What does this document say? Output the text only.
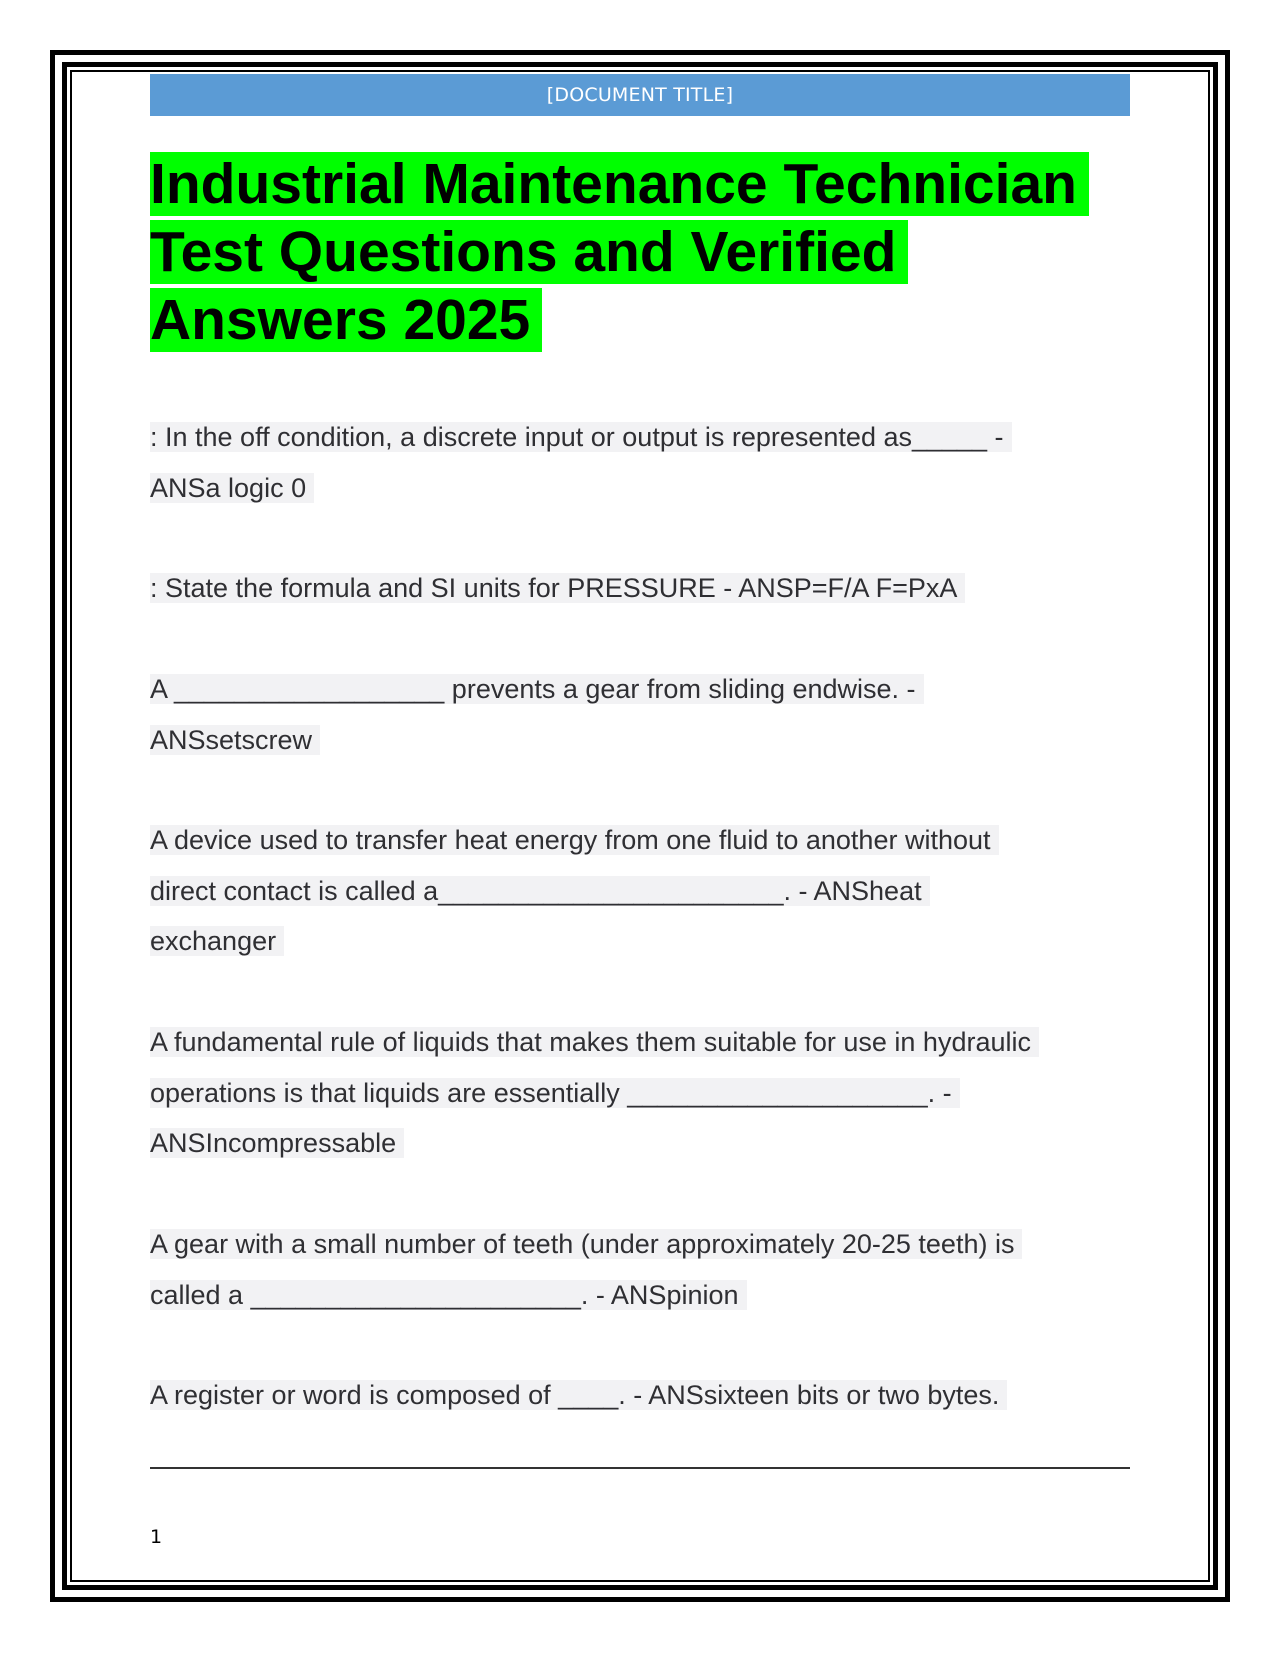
[DOCUMENT TITLE]
Industrial Maintenance Technician
Test Questions and Verified
Answers 2025
: In the off condition, a discrete input or output is represented as_____ -
ANSa logic 0
: State the formula and SI units for PRESSURE - ANSP=F/A F=PxA
A __________________ prevents a gear from sliding endwise. -
ANSsetscrew
A device used to transfer heat energy from one fluid to another without
direct contact is called a_______________________. - ANSheat
exchanger
A fundamental rule of liquids that makes them suitable for use in hydraulic
operations is that liquids are essentially ____________________. -
ANSIncompressable
A gear with a small number of teeth (under approximately 20-25 teeth) is
called a ______________________. - ANSpinion
A register or word is composed of ____. - ANSsixteen bits or two bytes.
1
